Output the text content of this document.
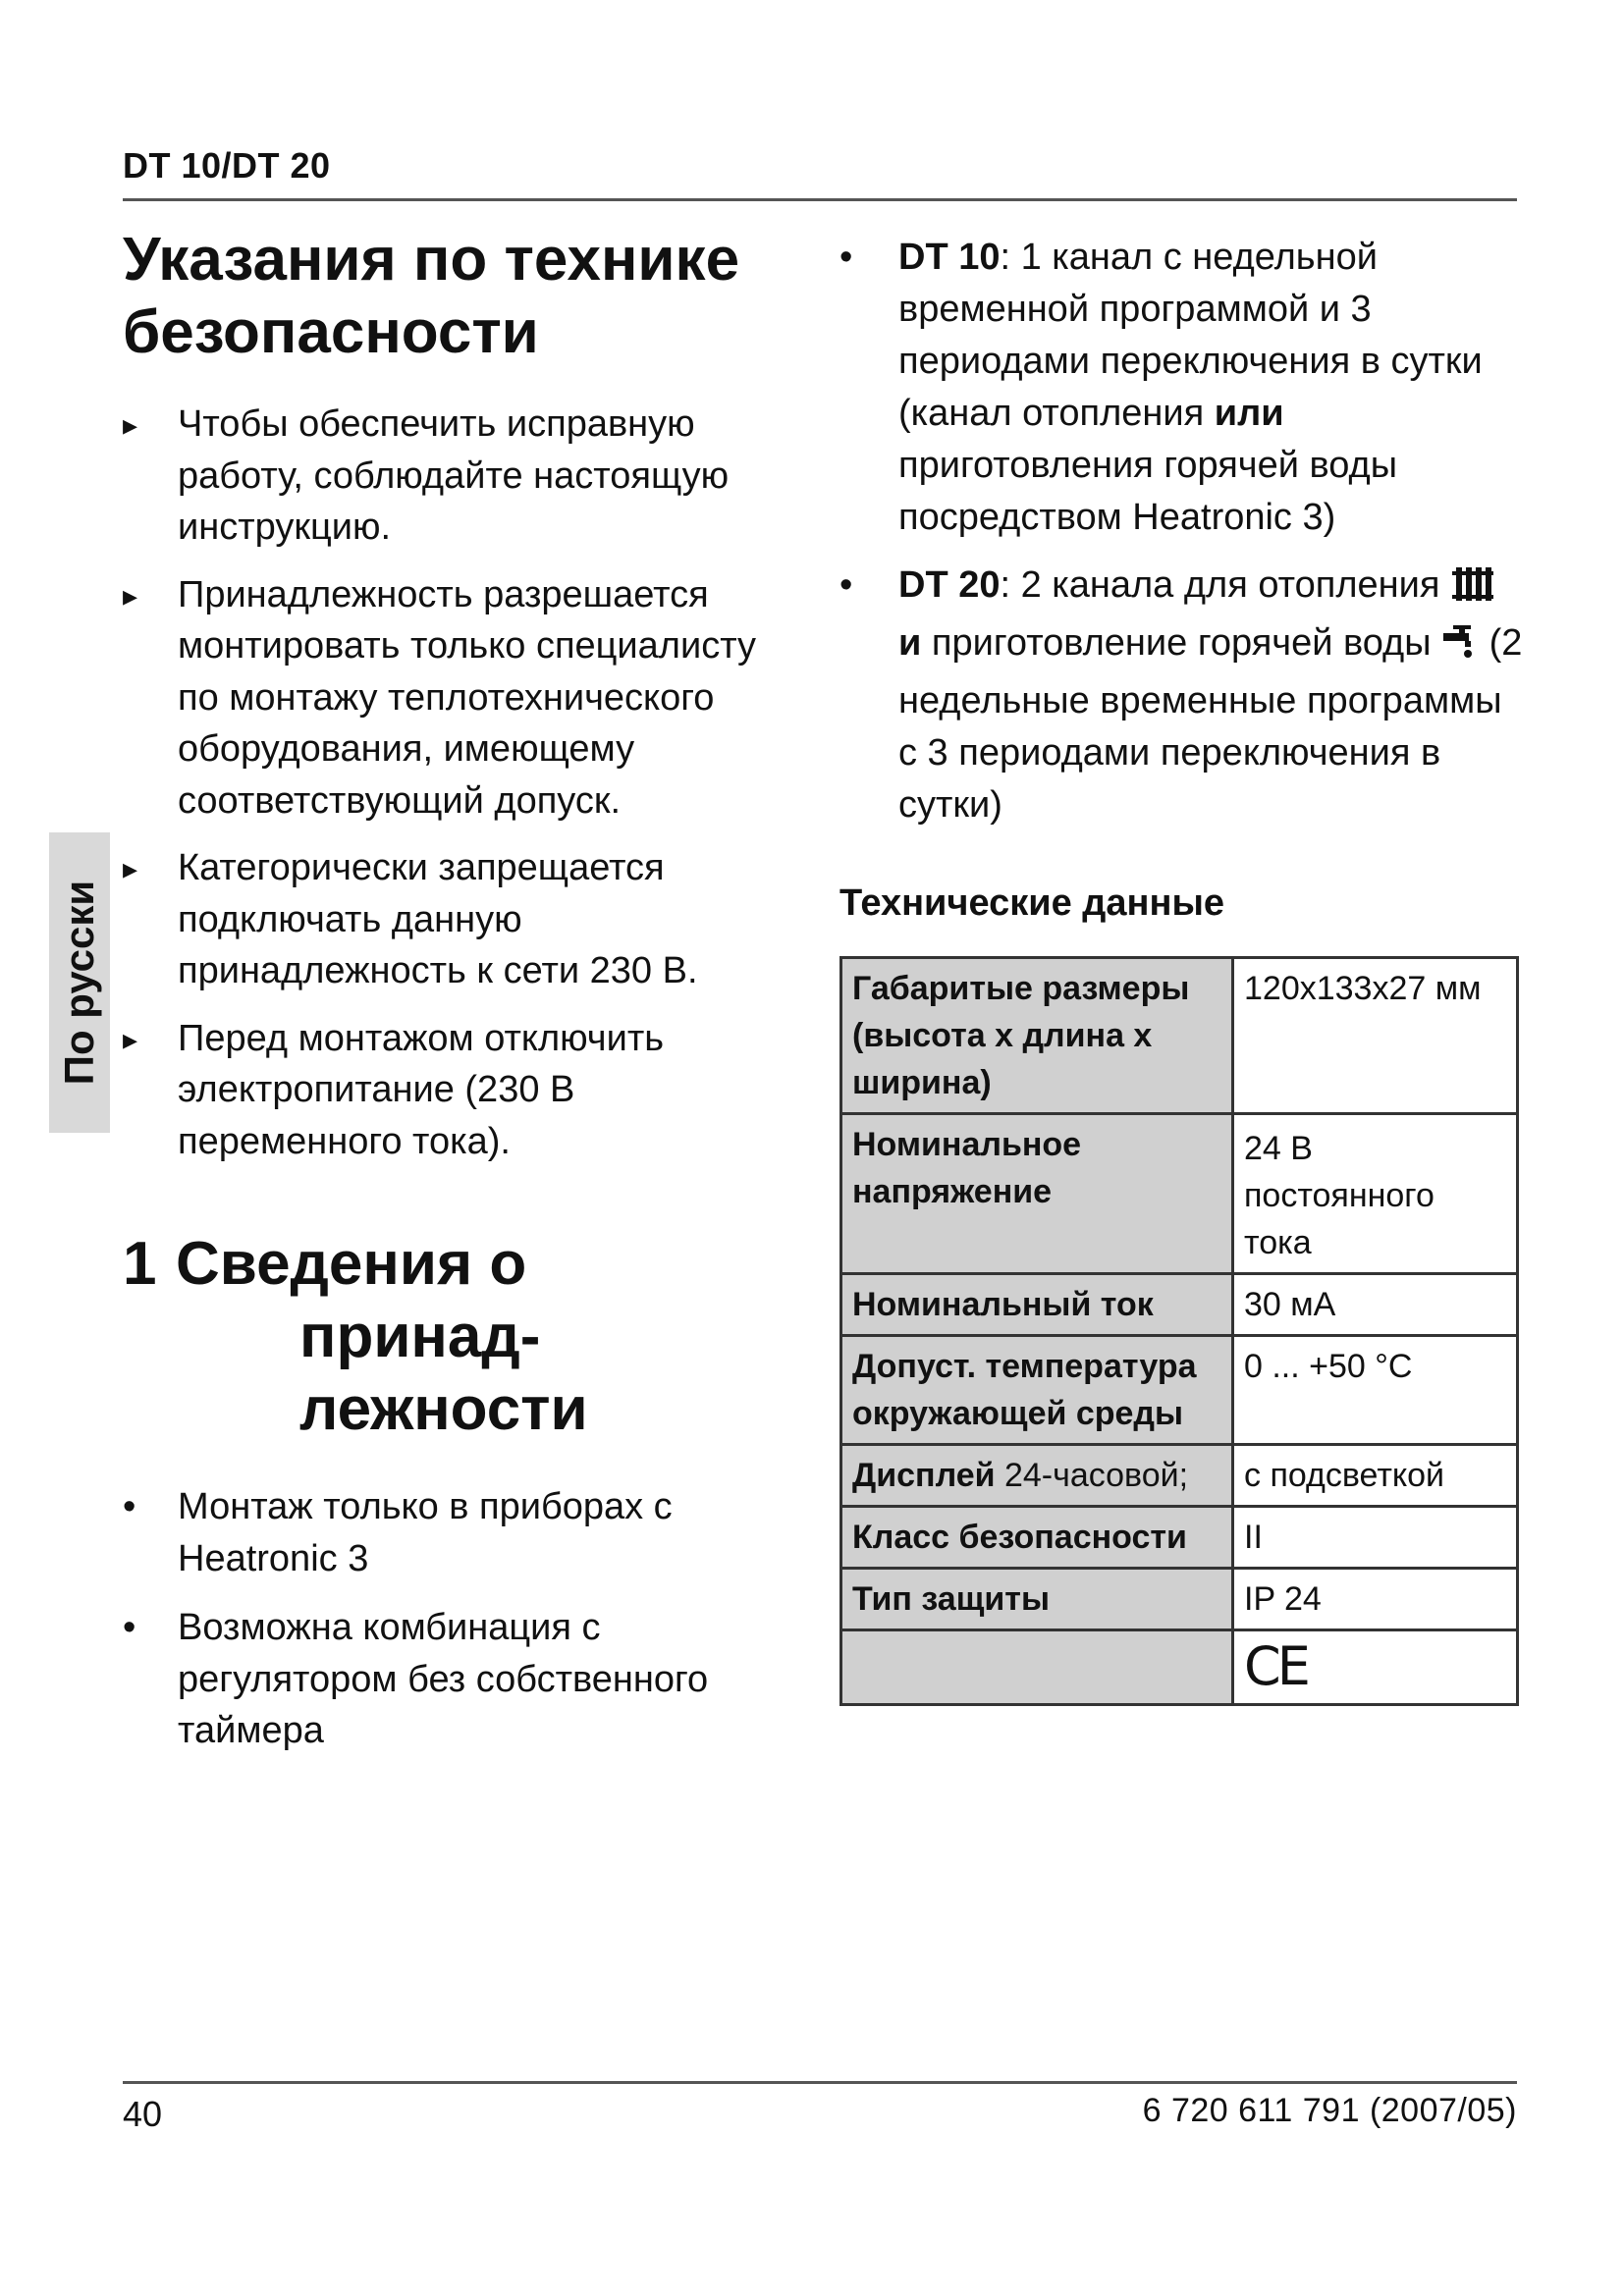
DT 10/DT 20
По русски
Указания по технике
безопасности
▸ Чтобы обеспечить исправную работу, соблюдайте настоящую инструкцию.
▸ Принадлежность разрешается монтировать только специалисту по монтажу теплотехнического оборудования, имеющему соответствующий допуск.
▸ Категорически запрещается подключать данную принадлежность к сети 230 В.
▸ Перед монтажом отключить электропитание (230 В переменного тока).
1 Сведения о
принад-
лежности
•	Монтаж только в приборах с Heatronic 3
•	Возможна комбинация с регулятором без собственного таймера
•	DT 10: 1 канал с недельной временной программой и 3 периодами переключения в сутки (канал отопления или приготовления горячей воды посредством Heatronic 3)
•	DT 20: 2 канала для отопления  и приготовление горячей воды  (2 недельные временные программы с 3 периодами переключения в сутки)
Технические данные
Габаритые размеры (высота x длина x ширина)	120x133x27 мм
Номинальное напряжение	24 В постоянного тока
Номинальный ток	30 мА
Допуст. температура окружающей среды	0 ... +50 °C
Дисплей 24-часовой;	с подсветкой
Класс безопасности	II
Тип защиты	IP 24
	CE
40	6 720 611 791 (2007/05)
